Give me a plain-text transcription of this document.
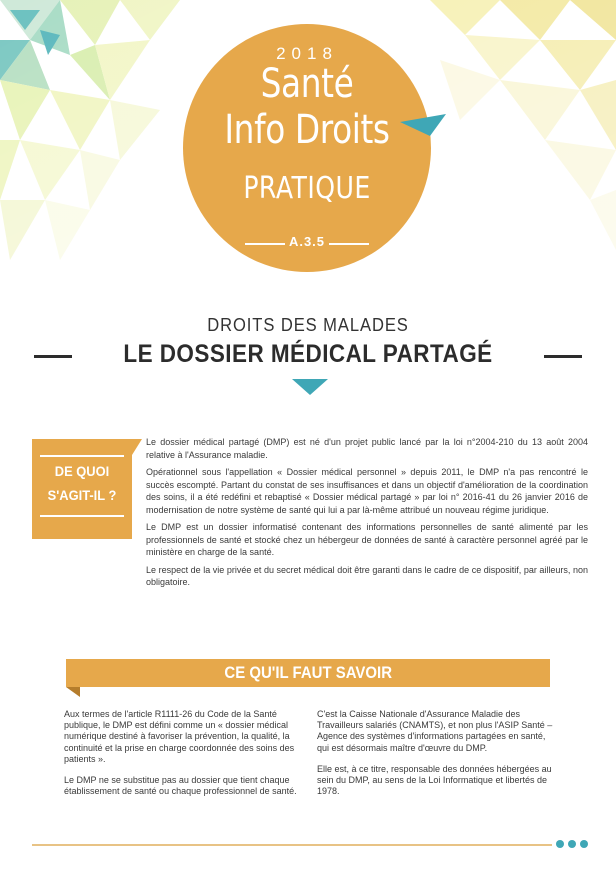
2018
Santé
Info Droits
PRATIQUE
A.3.5
DROITS DES MALADES
LE DOSSIER MÉDICAL PARTAGÉ
DE QUOI
S'AGIT-IL ?

Le dossier médical partagé (DMP) est né d'un projet public lancé par la loi n°2004-210 du 13 août 2004 relative à l'Assurance maladie.

Opérationnel sous l'appellation « Dossier médical personnel » depuis 2011, le DMP n'a pas rencontré le succès escompté. Partant du constat de ses insuffisances et dans un objectif d'amélioration de la coordination des soins, il a été redéfini et rebaptisé « Dossier médical partagé » par loi n° 2016-41 du 26 janvier 2016 de modernisation de notre système de santé qui lui a par là-même attribué un nouveau régime juridique.

Le DMP est un dossier informatisé contenant des informations personnelles de santé alimenté par les professionnels de santé et stocké chez un hébergeur de données de santé à caractère personnel agréé par le ministère en charge de la santé.

Le respect de la vie privée et du secret médical doit être garanti dans le cadre de ce dispositif, par ailleurs, non obligatoire.

CE QU'IL FAUT SAVOIR

Aux termes de l'article R1111-26 du Code de la Santé publique, le DMP est défini comme un « dossier médical numérique destiné à favoriser la prévention, la qualité, la continuité et la prise en charge coordonnée des soins des patients ».

Le DMP ne se substitue pas au dossier que tient chaque établissement de santé ou chaque professionnel de santé.

C'est la Caisse Nationale d'Assurance Maladie des Travailleurs salariés (CNAMTS), et non plus l'ASIP Santé – Agence des systèmes d'informations partagées en santé, qui est désormais maître d'œuvre du DMP.

Elle est, à ce titre, responsable des données hébergées au sein du DMP, au sens de la Loi Informatique et libertés de 1978.
